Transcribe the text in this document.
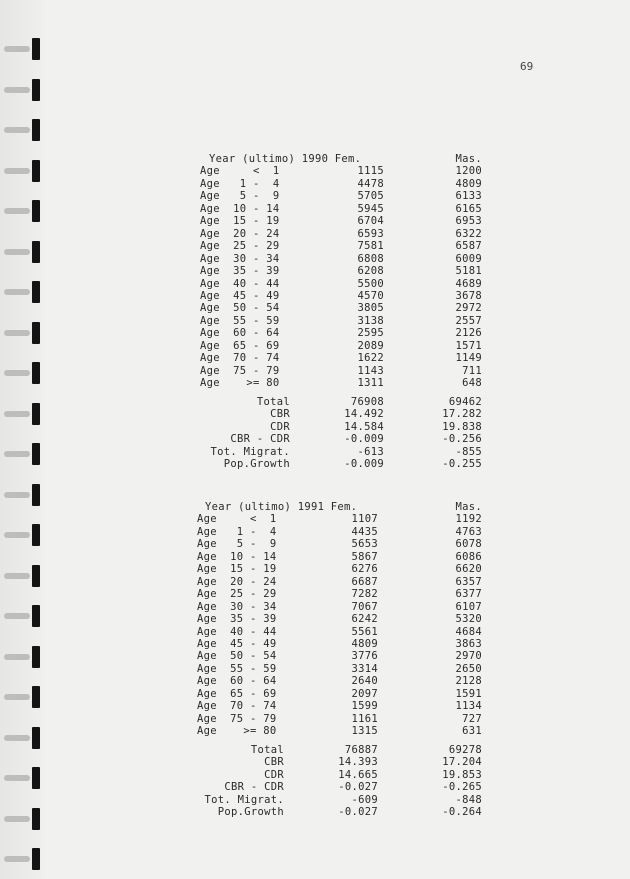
69
Year (ultimo) 1990 Fem.	Mas.
Age     <  1	1115	1200
Age   1 -  4	4478	4809
Age   5 -  9	5705	6133
Age  10 - 14	5945	6165
Age  15 - 19	6704	6953
Age  20 - 24	6593	6322
Age  25 - 29	7581	6587
Age  30 - 34	6808	6009
Age  35 - 39	6208	5181
Age  40 - 44	5500	4689
Age  45 - 49	4570	3678
Age  50 - 54	3805	2972
Age  55 - 59	3138	2557
Age  60 - 64	2595	2126
Age  65 - 69	2089	1571
Age  70 - 74	1622	1149
Age  75 - 79	1143	711
Age    >= 80	1311	648
Total	76908	69462
CBR	14.492	17.282
CDR	14.584	19.838
CBR - CDR	-0.009	-0.256
Tot. Migrat.	-613	-855
Pop.Growth	-0.009	-0.255
Year (ultimo) 1991 Fem.	Mas.
Age     <  1	1107	1192
Age   1 -  4	4435	4763
Age   5 -  9	5653	6078
Age  10 - 14	5867	6086
Age  15 - 19	6276	6620
Age  20 - 24	6687	6357
Age  25 - 29	7282	6377
Age  30 - 34	7067	6107
Age  35 - 39	6242	5320
Age  40 - 44	5561	4684
Age  45 - 49	4809	3863
Age  50 - 54	3776	2970
Age  55 - 59	3314	2650
Age  60 - 64	2640	2128
Age  65 - 69	2097	1591
Age  70 - 74	1599	1134
Age  75 - 79	1161	727
Age    >= 80	1315	631
Total	76887	69278
CBR	14.393	17.204
CDR	14.665	19.853
CBR - CDR	-0.027	-0.265
Tot. Migrat.	-609	-848
Pop.Growth	-0.027	-0.264
